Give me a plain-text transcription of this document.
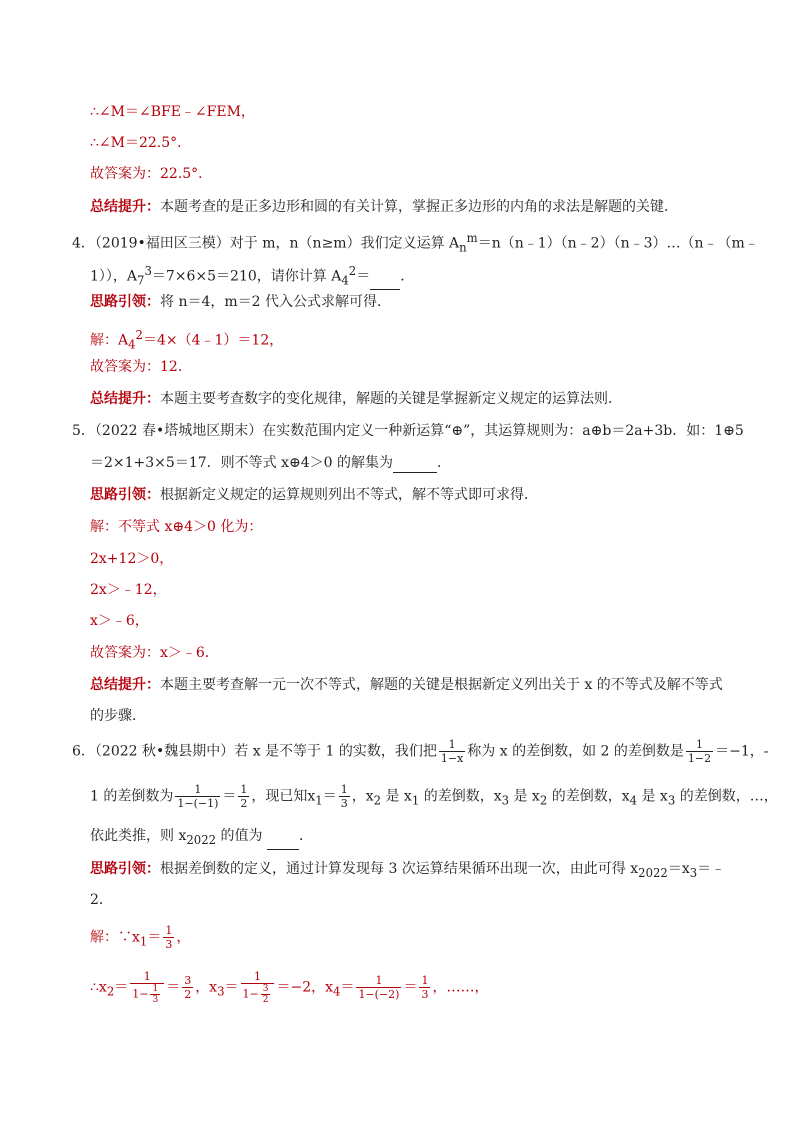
∴∠M＝∠BFE﹣∠FEM，
∴∠M＝22.5°．
故答案为：22.5°．
总结提升：本题考查的是正多边形和圆的有关计算，掌握正多边形的内角的求法是解题的关键．
4．（2019•福田区三模）对于 m，n（n≥m）我们定义运算 $A_n^m=n(n﹣1)(n﹣2)(n﹣3)\dots(n﹣(m﹣$
1）），$A_7^3=7\times 6\times 5=210$，请你计算 $A_4^2=$ ．
思路引领：将 n＝4，m＝2 代入公式求解可得．
解：$A_4^2=4\times(4﹣1)=12$，
故答案为：12．
总结提升：本题主要考查数字的变化规律，解题的关键是掌握新定义规定的运算法则．
5．（2022 春•塔城地区期末）在实数范围内定义一种新运算“⊕”，其运算规则为：a⊕b＝2a+3b．如：1⊕5
＝2×1+3×5＝17．则不等式 x⊕4＞0 的解集为	．
思路引领：根据新定义规定的运算规则列出不等式，解不等式即可求得．
解：不等式 x⊕4＞0 化为：
2x+12＞0，
2x＞﹣12，
x＞﹣6，
故答案为：x＞﹣6．
总结提升：本题主要考查解一元一次不等式，解题的关键是根据新定义列出关于 x 的不等式及解不等式
的步骤．
6．（2022 秋•魏县期中）若 x 是不等于 1 的实数，我们把 $\frac{1}{1-x}$ 称为 x 的差倒数，如 2 的差倒数是 $\frac{1}{1-2} =-1$，-
1 的差倒数为 $\frac{1}{1-(-1)} = \frac{1}{2}$ ，现已知$x_1= \frac{1}{3}$ ，$x_2$ 是 $x_1$ 的差倒数，$x_3$ 是 $x_2$ 的差倒数，$x_4$ 是 $x_3$ 的差倒数，…，
依此类推，则 $x_{2022}$ 的值为 ．
思路引领：根据差倒数的定义，通过计算发现每 3 次运算结果循环出现一次，由此可得 $x_{2022}=x_3=﹣$
2．
解：$\because x_1= \frac{1}{3}$ ，
$\therefore x_2= \frac{1}{1- \frac{1}{3}} = \frac{3}{2}$ ，$x_3= \frac{1}{1- \frac{3}{2}} =-2$，$x_4= \frac{1}{1-(-2)} = \frac{1}{3}$ ，……，
